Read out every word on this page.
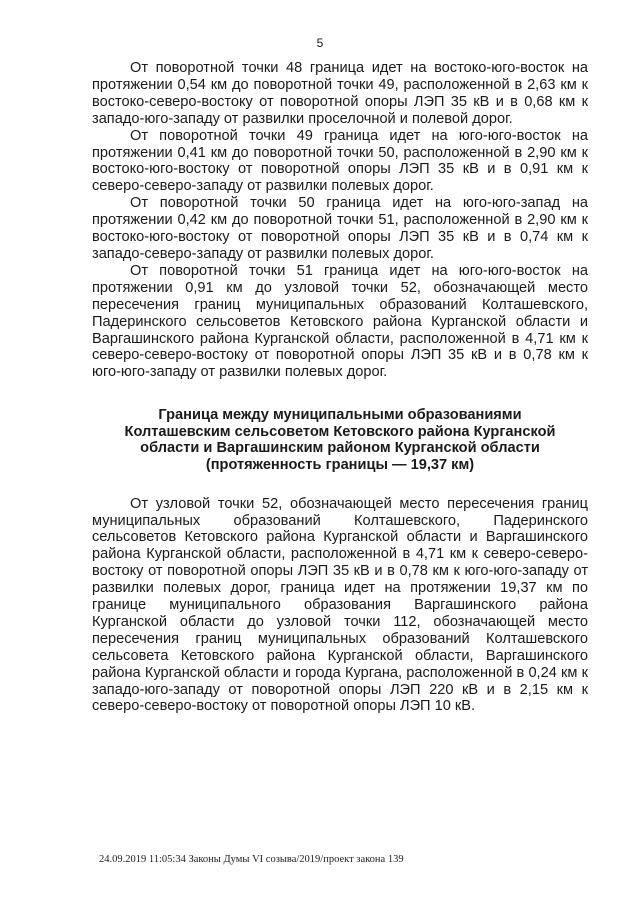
5

От поворотной точки 48 граница идет на востоко-юго-восток на протяжении 0,54 км до поворотной точки 49, расположенной в 2,63 км к востоко-северо-востоку от поворотной опоры ЛЭП 35 кВ и в 0,68 км к западо-юго-западу от развилки проселочной и полевой дорог.

От поворотной точки 49 граница идет на юго-юго-восток на протяжении 0,41 км до поворотной точки 50, расположенной в 2,90 км к востоко-юго-востоку от поворотной опоры ЛЭП 35 кВ и в 0,91 км к северо-северо-западу от развилки полевых дорог.

От поворотной точки 50 граница идет на юго-юго-запад на протяжении 0,42 км до поворотной точки 51, расположенной в 2,90 км к востоко-юго-востоку от поворотной опоры ЛЭП 35 кВ и в 0,74 км к западо-северо-западу от развилки полевых дорог.

От поворотной точки 51 граница идет на юго-юго-восток на протяжении 0,91 км до узловой точки 52, обозначающей место пересечения границ муниципальных образований Колташевского, Падеринского сельсоветов Кетовского района Курганской области и Варгашинского района Курганской области, расположенной в 4,71 км к северо-северо-востоку от поворотной опоры ЛЭП 35 кВ и в 0,78 км к юго-юго-западу от развилки полевых дорог.

Граница между муниципальными образованиями
Колташевским сельсоветом Кетовского района Курганской
области и Варгашинским районом Курганской области
(протяженность границы — 19,37 км)

От узловой точки 52, обозначающей место пересечения границ муниципальных образований Колташевского, Падеринского сельсоветов Кетовского района Курганской области и Варгашинского района Курганской области, расположенной в 4,71 км к северо-северо-востоку от поворотной опоры ЛЭП 35 кВ и в 0,78 км к юго-юго-западу от развилки полевых дорог, граница идет на протяжении 19,37 км по границе муниципального образования Варгашинского района Курганской области до узловой точки 112, обозначающей место пересечения границ муниципальных образований Колташевского сельсовета Кетовского района Курганской области, Варгашинского района Курганской области и города Кургана, расположенной в 0,24 км к западо-юго-западу от поворотной опоры ЛЭП 220 кВ и в 2,15 км к северо-северо-востоку от поворотной опоры ЛЭП 10 кВ.

24.09.2019 11:05:34 Законы Думы VI созыва/2019/проект закона 139
